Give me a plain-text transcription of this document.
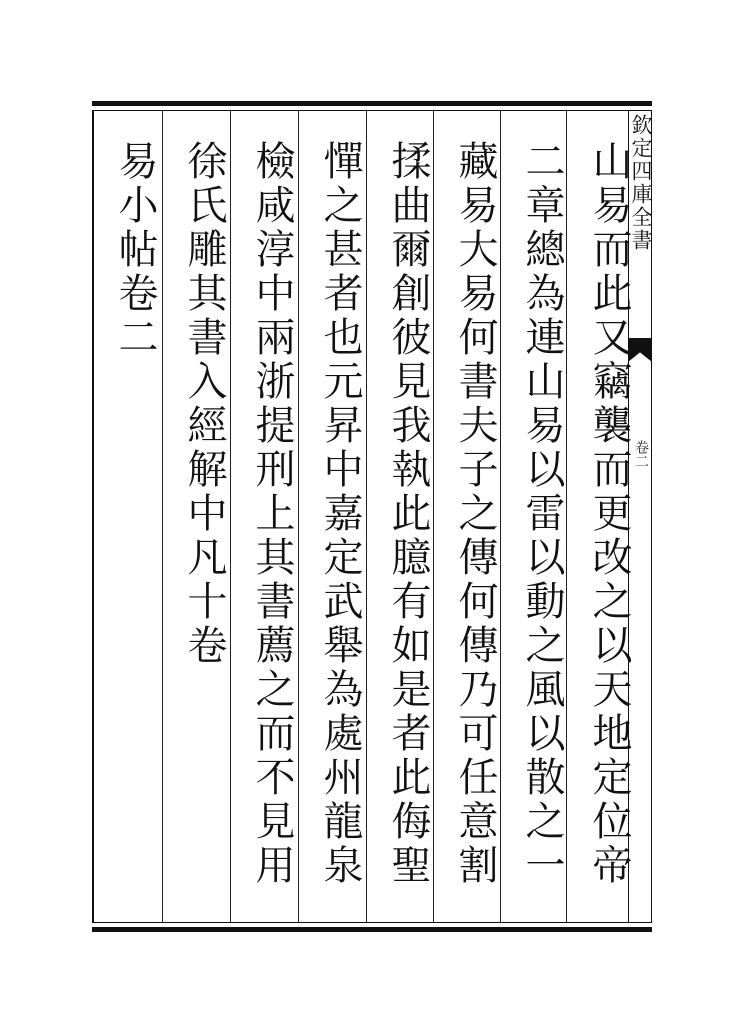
欽定四庫全書
卷二
山易而此又竊襲而更改之以天地定位帝
二章總為連山易以雷以動之風以散之一
藏易大易何書夫子之傳何傳乃可任意割
揉曲爾創彼見我執此臆有如是者此侮聖
憚之甚者也元昇中嘉定武舉為處州龍泉
檢咸淳中兩浙提刑上其書薦之而不見用
徐氏雕其書入經解中凡十卷
易小帖卷二
